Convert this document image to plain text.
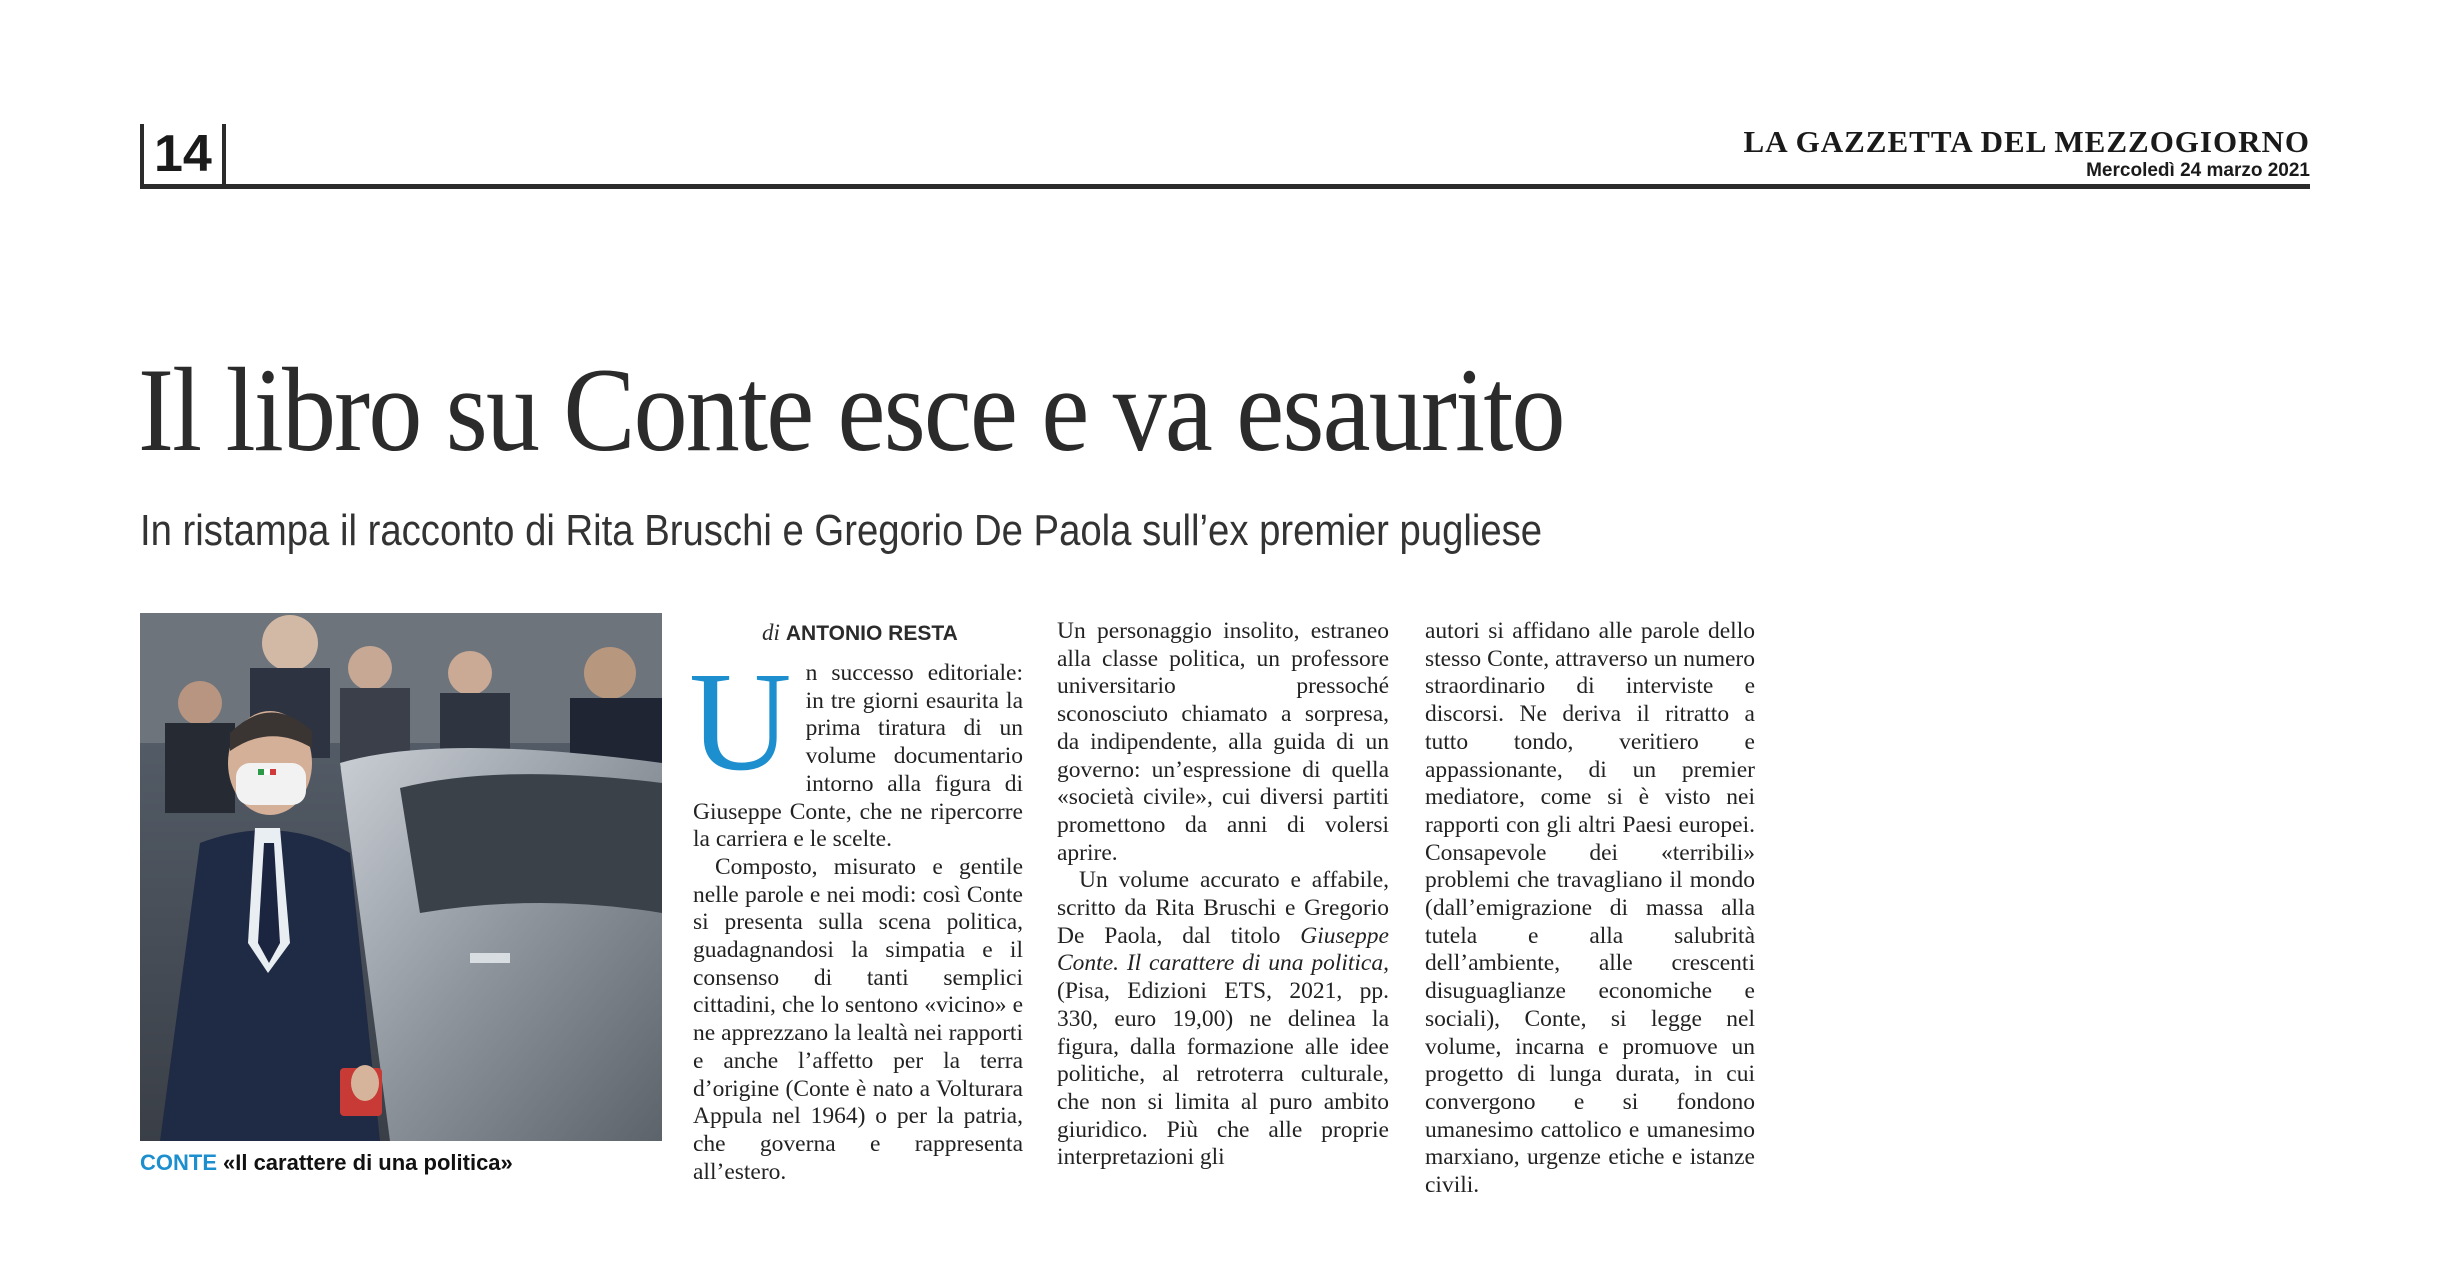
14	LA GAZZETTA DEL MEZZOGIORNO
Mercoledì 24 marzo 2021
Il libro su Conte esce e va esaurito
In ristampa il racconto di Rita Bruschi e Gregorio De Paola sull’ex premier pugliese
CONTE «Il carattere di una politica»
di ANTONIO RESTA
U n successo editoriale: in tre giorni esaurita la prima tiratura di un volume documentario intorno alla figura di Giuseppe Conte, che ne ripercorre la carriera e le scelte.

Composto, misurato e gentile nelle parole e nei modi: così Conte si presenta sulla scena politica, guadagnandosi la simpatia e il consenso di tanti semplici cittadini, che lo sentono «vicino» e ne apprezzano la lealtà nei rapporti e anche l’affetto per la terra d’origine (Conte è nato a Volturara Appula nel 1964) o per la patria, che governa e rappresenta all’estero.

Un personaggio insolito, estraneo alla classe politica, un professore universitario pressoché sconosciuto chiamato a sorpresa, da indipendente, alla guida di un governo: un’espressione di quella «società civile», cui diversi partiti promettono da anni di volersi aprire.

Un volume accurato e affabile, scritto da Rita Bruschi e Gregorio De Paola, dal titolo Giuseppe Conte. Il carattere di una politica, (Pisa, Edizioni ETS, 2021, pp. 330, euro 19,00) ne delinea la figura, dalla formazione alle idee politiche, al retroterra culturale, che non si limita al puro ambito giuridico. Più che alle proprie interpretazioni gli

autori si affidano alle parole dello stesso Conte, attraverso un numero straordinario di interviste e discorsi. Ne deriva il ritratto a tutto tondo, veritiero e appassionante, di un premier mediatore, come si è visto nei rapporti con gli altri Paesi europei. Consapevole dei «terribili» problemi che travagliano il mondo (dall’emigrazione di massa alla tutela e alla salubrità dell’ambiente, alle crescenti disuguaglianze economiche e sociali), Conte, si legge nel volume, incarna e promuove un progetto di lunga durata, in cui convergono e si fondono umanesimo cattolico e umanesimo marxiano, urgenze etiche e istanze civili.
